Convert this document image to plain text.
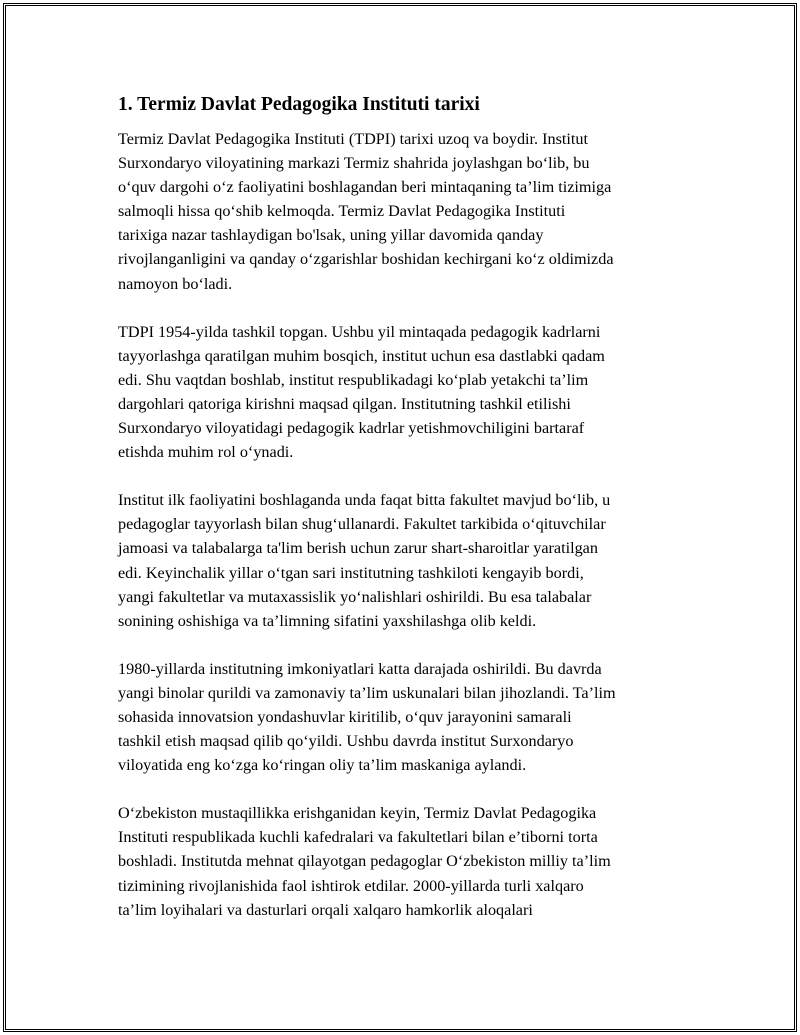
1. Termiz Davlat Pedagogika Instituti tarixi

Termiz Davlat Pedagogika Instituti (TDPI) tarixi uzoq va boydir. Institut
Surxondaryo viloyatining markazi Termiz shahrida joylashgan bo‘lib, bu
o‘quv dargohi o‘z faoliyatini boshlagandan beri mintaqaning ta’lim tizimiga
salmoqli hissa qo‘shib kelmoqda. Termiz Davlat Pedagogika Instituti
tarixiga nazar tashlaydigan bo'lsak, uning yillar davomida qanday
rivojlanganligini va qanday o‘zgarishlar boshidan kechirgani ko‘z oldimizda
namoyon bo‘ladi.

TDPI 1954-yilda tashkil topgan. Ushbu yil mintaqada pedagogik kadrlarni
tayyorlashga qaratilgan muhim bosqich, institut uchun esa dastlabki qadam
edi. Shu vaqtdan boshlab, institut respublikadagi ko‘plab yetakchi ta’lim
dargohlari qatoriga kirishni maqsad qilgan. Institutning tashkil etilishi
Surxondaryo viloyatidagi pedagogik kadrlar yetishmovchiligini bartaraf
etishda muhim rol o‘ynadi.

Institut ilk faoliyatini boshlaganda unda faqat bitta fakultet mavjud bo‘lib, u
pedagoglar tayyorlash bilan shug‘ullanardi. Fakultet tarkibida o‘qituvchilar
jamoasi va talabalarga ta'lim berish uchun zarur shart-sharoitlar yaratilgan
edi. Keyinchalik yillar o‘tgan sari institutning tashkiloti kengayib bordi,
yangi fakultetlar va mutaxassislik yo‘nalishlari oshirildi. Bu esa talabalar
sonining oshishiga va ta’limning sifatini yaxshilashga olib keldi.

1980-yillarda institutning imkoniyatlari katta darajada oshirildi. Bu davrda
yangi binolar qurildi va zamonaviy ta’lim uskunalari bilan jihozlandi. Ta’lim
sohasida innovatsion yondashuvlar kiritilib, o‘quv jarayonini samarali
tashkil etish maqsad qilib qo‘yildi. Ushbu davrda institut Surxondaryo
viloyatida eng ko‘zga ko‘ringan oliy ta’lim maskaniga aylandi.

O‘zbekiston mustaqillikka erishganidan keyin, Termiz Davlat Pedagogika
Instituti respublikada kuchli kafedralari va fakultetlari bilan e’tiborni torta
boshladi. Institutda mehnat qilayotgan pedagoglar O‘zbekiston milliy ta’lim
tizimining rivojlanishida faol ishtirok etdilar. 2000-yillarda turli xalqaro
ta’lim loyihalari va dasturlari orqali xalqaro hamkorlik aloqalari
